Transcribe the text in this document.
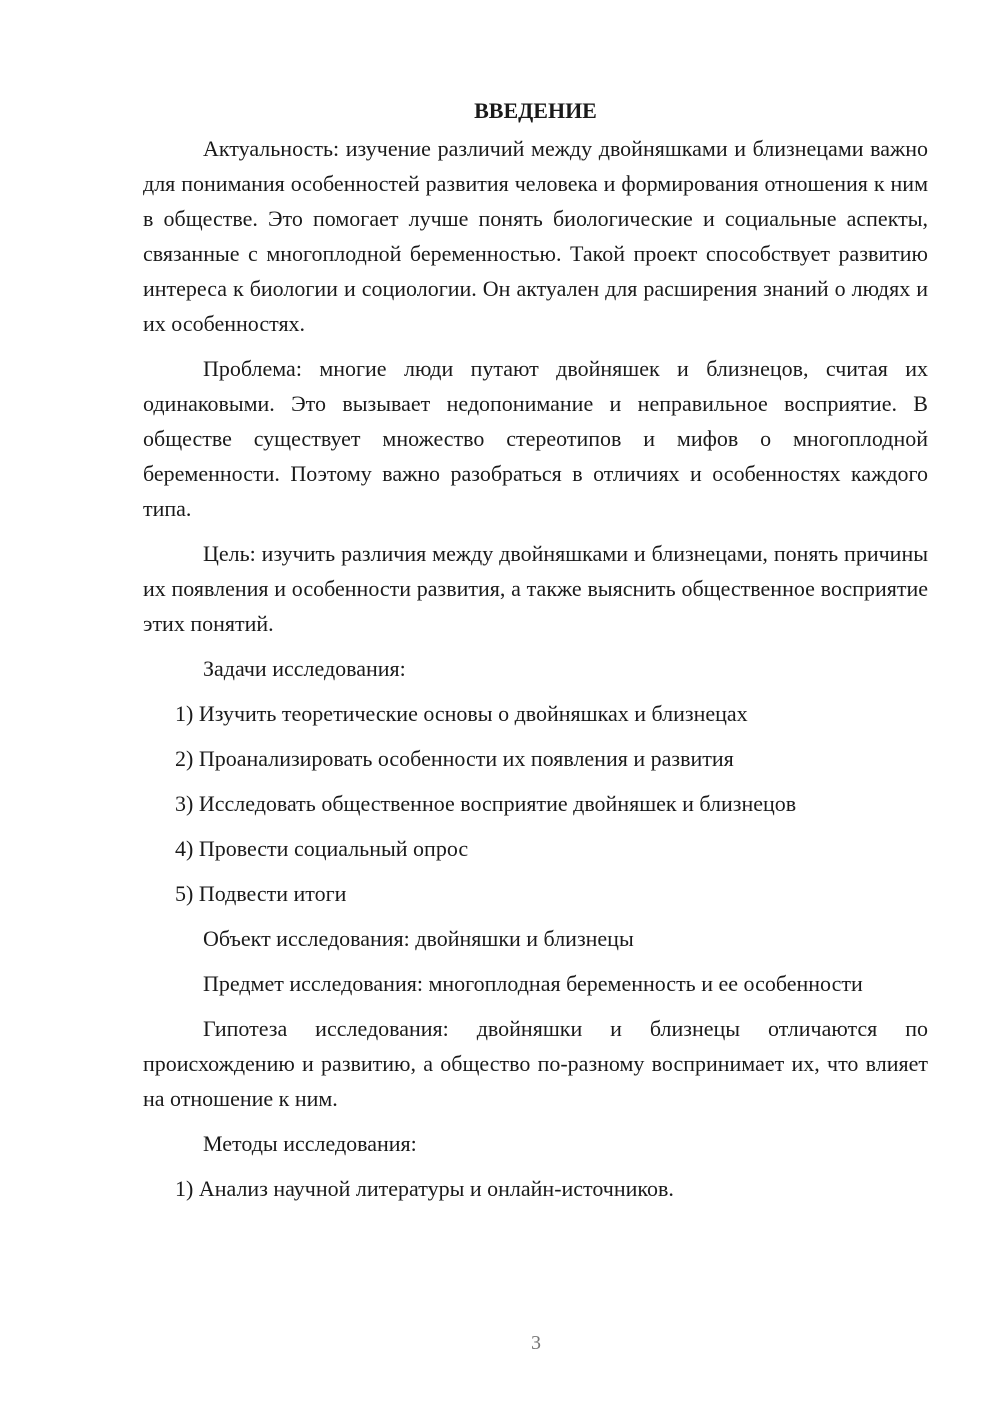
ВВЕДЕНИЕ

Актуальность: изучение различий между двойняшками и близнецами важно для понимания особенностей развития человека и формирования отношения к ним в обществе. Это помогает лучше понять биологические и социальные аспекты, связанные с многоплодной беременностью. Такой проект способствует развитию интереса к биологии и социологии. Он актуален для расширения знаний о людях и их особенностях.

Проблема: многие люди путают двойняшек и близнецов, считая их одинаковыми. Это вызывает недопонимание и неправильное восприятие. В обществе существует множество стереотипов и мифов о многоплодной беременности. Поэтому важно разобраться в отличиях и особенностях каждого типа.

Цель: изучить различия между двойняшками и близнецами, понять причины их появления и особенности развития, а также выяснить общественное восприятие этих понятий.

Задачи исследования:

1) Изучить теоретические основы о двойняшках и близнецах

2) Проанализировать особенности их появления и развития

3) Исследовать общественное восприятие двойняшек и близнецов

4) Провести социальный опрос

5) Подвести итоги

Объект исследования: двойняшки и близнецы

Предмет исследования: многоплодная беременность и ее особенности

Гипотеза исследования: двойняшки и близнецы отличаются по происхождению и развитию, а общество по-разному воспринимает их, что влияет на отношение к ним.

Методы исследования:

1) Анализ научной литературы и онлайн-источников.

3
